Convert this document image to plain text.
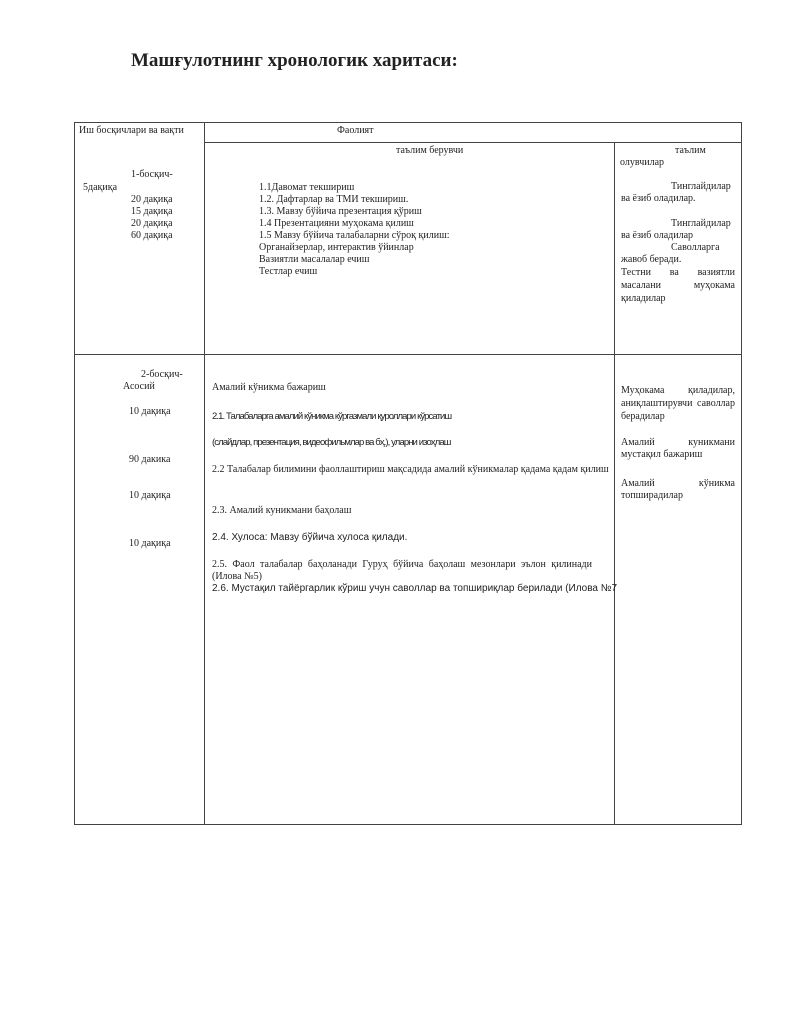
Машғулотнинг хронологик харитаси:
Иш босқичлари ва вақти	Фаолият
таълим берувчи	таълим
олувчилар
1-босқич-
5дақиқа
20 дақиқа
15 дақиқа
20 дақиқа
60 дақиқа
1.1Давомат текшириш
1.2. Дафтарлар ва ТМИ текшириш.
1.3. Мавзу бўйича презентация қўриш
1.4 Презентацияни муҳокама қилиш
1.5 Мавзу бўйича талабаларни сўроқ қилиш:
Органайзерлар, интерактив ўйинлар
Вазиятли масалалар ечиш
Тестлар ечиш
Тинглайдилар ва ёзиб оладилар.
Тинглайдилар ва ёзиб оладилар
Саволларга жавоб беради.
Тестни ва вазиятли масалани муҳокама қиладилар
2-босқич-
Асосий
10 дақиқа
90 дакика
10 дақиқа
10 дақиқа
Амалий кўникма бажариш
2.1. Талабаларга амалий кўникма кўргазмали қуроллари кўрсатиш
(слайдлар, презентация, видеофильмлар ва бҳ.), уларни изоҳлаш
2.2 Талабалар билимини фаоллаштириш мақсадида амалий кўникмалар қадама қадам қилиш
2.3. Амалий куникмани баҳолаш
2.4. Хулоса: Мавзу бўйича хулоса қилади.
2.5. Фаол талабалар баҳоланади Гуруҳ бўйича баҳолаш мезонлари эълон қилинади (Илова №5)
2.6. Мустақил тайёргарлик кўриш учун саволлар ва топшириқлар берилади (Илова №7
Муҳокама қиладилар, аниқлаштирувчи саволлар берадилар
Амалий куникмани мустақил бажариш
Амалий кўникма топширадилар
